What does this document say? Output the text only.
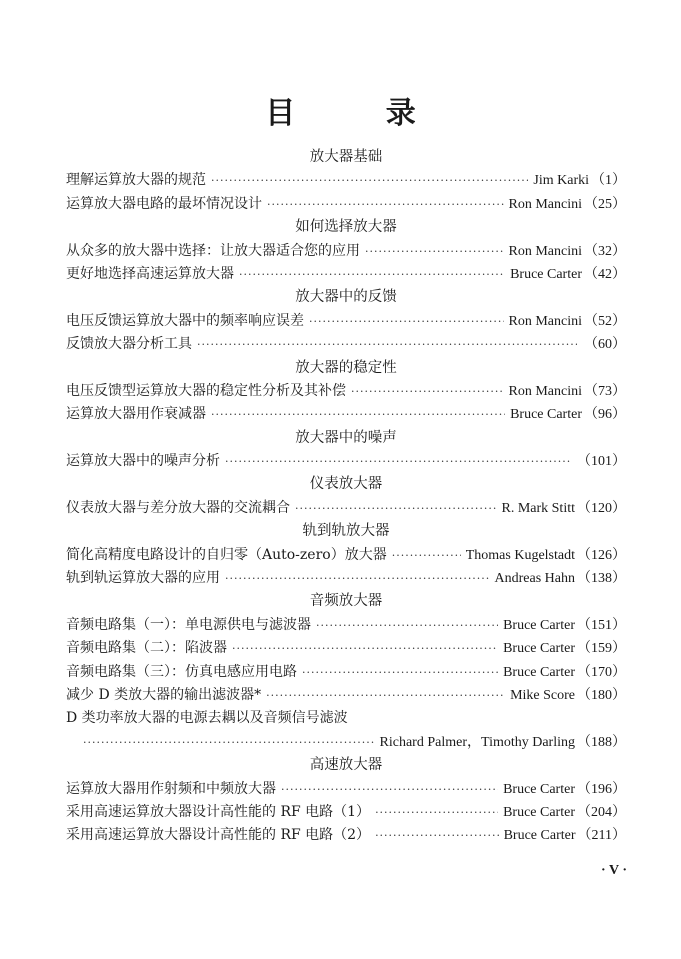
目 录
放大器基础
理解运算放大器的规范 ·····	Jim Karki （1）
运算放大器电路的最坏情况设计 ·····	Ron Mancini （25）
如何选择放大器
从众多的放大器中选择：让放大器适合您的应用 ·····	Ron Mancini （32）
更好地选择高速运算放大器 ·····	Bruce Carter （42）
放大器中的反馈
电压反馈运算放大器中的频率响应误差 ·····	Ron Mancini （52）
反馈放大器分析工具 ·····	（60）
放大器的稳定性
电压反馈型运算放大器的稳定性分析及其补偿 ·····	Ron Mancini （73）
运算放大器用作衰减器 ·····	Bruce Carter （96）
放大器中的噪声
运算放大器中的噪声分析 ·····	（101）
仪表放大器
仪表放大器与差分放大器的交流耦合 ·····	R. Mark Stitt （120）
轨到轨放大器
简化高精度电路设计的自归零（Auto-zero）放大器 ·····	Thomas Kugelstadt （126）
轨到轨运算放大器的应用 ·····	Andreas Hahn （138）
音频放大器
音频电路集（一）：单电源供电与滤波器 ·····	Bruce Carter （151）
音频电路集（二）：陷波器 ·····	Bruce Carter （159）
音频电路集（三）：仿真电感应用电路 ·····	Bruce Carter （170）
减少 D 类放大器的输出滤波器* ·····	Mike Score （180）
D 类功率放大器的电源去耦以及音频信号滤波
·····
Richard Palmer，Timothy Darling （188）
高速放大器
运算放大器用作射频和中频放大器 ·····	Bruce Carter （196）
采用高速运算放大器设计高性能的 RF 电路（1） ·····	Bruce Carter （204）
采用高速运算放大器设计高性能的 RF 电路（2） ·····	Bruce Carter （211）
· V ·
